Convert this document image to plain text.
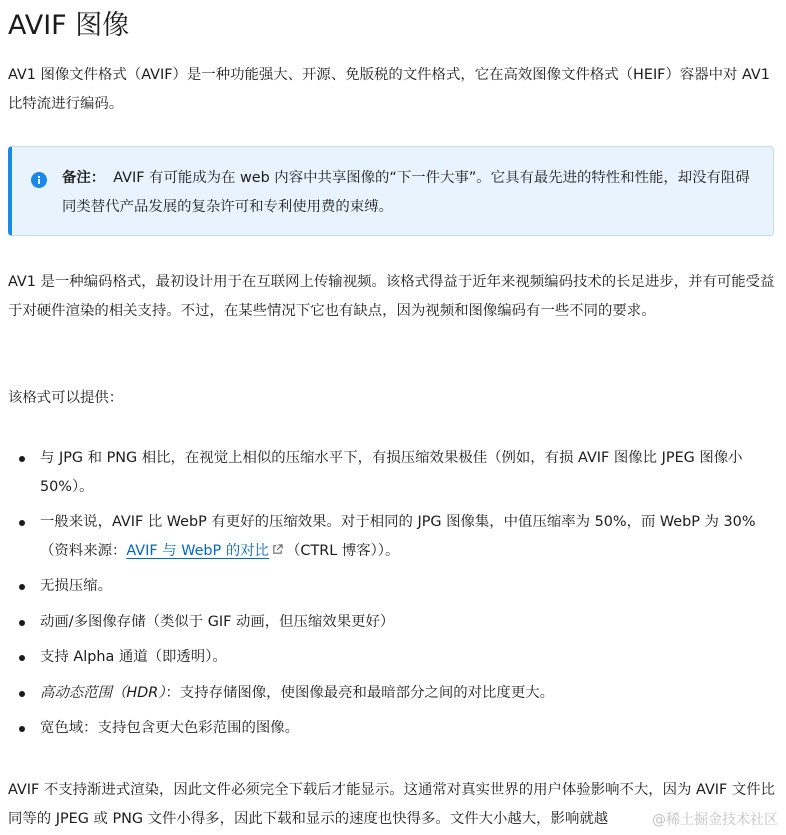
AVIF 图像

AV1 图像文件格式（AVIF）是一种功能强大、开源、免版税的文件格式，它在高效图像文件格式（HEIF）容器中对 AV1 比特流进行编码。

备注： AVIF 有可能成为在 web 内容中共享图像的“下一件大事”。它具有最先进的特性和性能，却没有阻碍同类替代产品发展的复杂许可和专利使用费的束缚。

AV1 是一种编码格式，最初设计用于在互联网上传输视频。该格式得益于近年来视频编码技术的长足进步，并有可能受益于对硬件渲染的相关支持。不过，在某些情况下它也有缺点，因为视频和图像编码有一些不同的要求。

该格式可以提供：

与 JPG 和 PNG 相比，在视觉上相似的压缩水平下，有损压缩效果极佳（例如，有损 AVIF 图像比 JPEG 图像小 50%）。
一般来说，AVIF 比 WebP 有更好的压缩效果。对于相同的 JPG 图像集，中值压缩率为 50%，而 WebP 为 30%（资料来源：AVIF 与 WebP 的对比 （CTRL 博客））。
无损压缩。
动画/多图像存储（类似于 GIF 动画，但压缩效果更好）
支持 Alpha 通道（即透明）。
高动态范围（HDR）：支持存储图像，使图像最亮和最暗部分之间的对比度更大。
宽色域：支持包含更大色彩范围的图像。

AVIF 不支持渐进式渲染，因此文件必须完全下载后才能显示。这通常对真实世界的用户体验影响不大，因为 AVIF 文件比同等的 JPEG 或 PNG 文件小得多，因此下载和显示的速度也快得多。文件大小越大，影响就越	@稀土掘金技术社区
